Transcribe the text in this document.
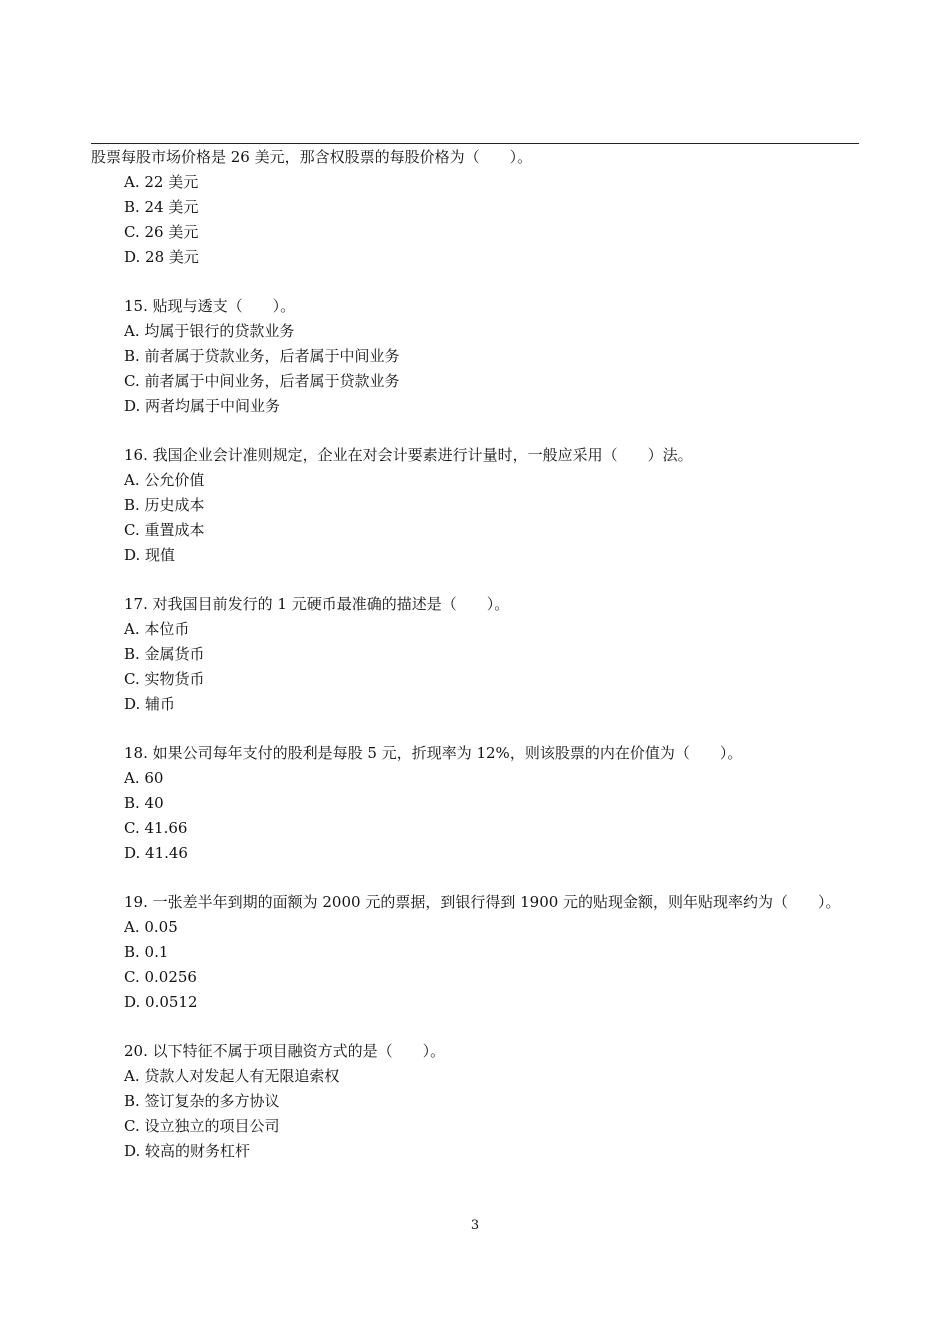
股票每股市场价格是 26 美元，那含权股票的每股价格为（　　）。
A. 22 美元
B. 24 美元
C. 26 美元
D. 28 美元
15. 贴现与透支（　　）。
A. 均属于银行的贷款业务
B. 前者属于贷款业务，后者属于中间业务
C. 前者属于中间业务，后者属于贷款业务
D. 两者均属于中间业务
16. 我国企业会计准则规定，企业在对会计要素进行计量时，一般应采用（　　）法。
A. 公允价值
B. 历史成本
C. 重置成本
D. 现值
17. 对我国目前发行的 1 元硬币最准确的描述是（　　）。
A. 本位币
B. 金属货币
C. 实物货币
D. 辅币
18. 如果公司每年支付的股利是每股 5 元，折现率为 12%，则该股票的内在价值为（　　）。
A. 60
B. 40
C. 41.66
D. 41.46
19. 一张差半年到期的面额为 2000 元的票据，到银行得到 1900 元的贴现金额，则年贴现率约为（　　）。
A. 0.05
B. 0.1
C. 0.0256
D. 0.0512
20. 以下特征不属于项目融资方式的是（　　）。
A. 贷款人对发起人有无限追索权
B. 签订复杂的多方协议
C. 设立独立的项目公司
D. 较高的财务杠杆
3
